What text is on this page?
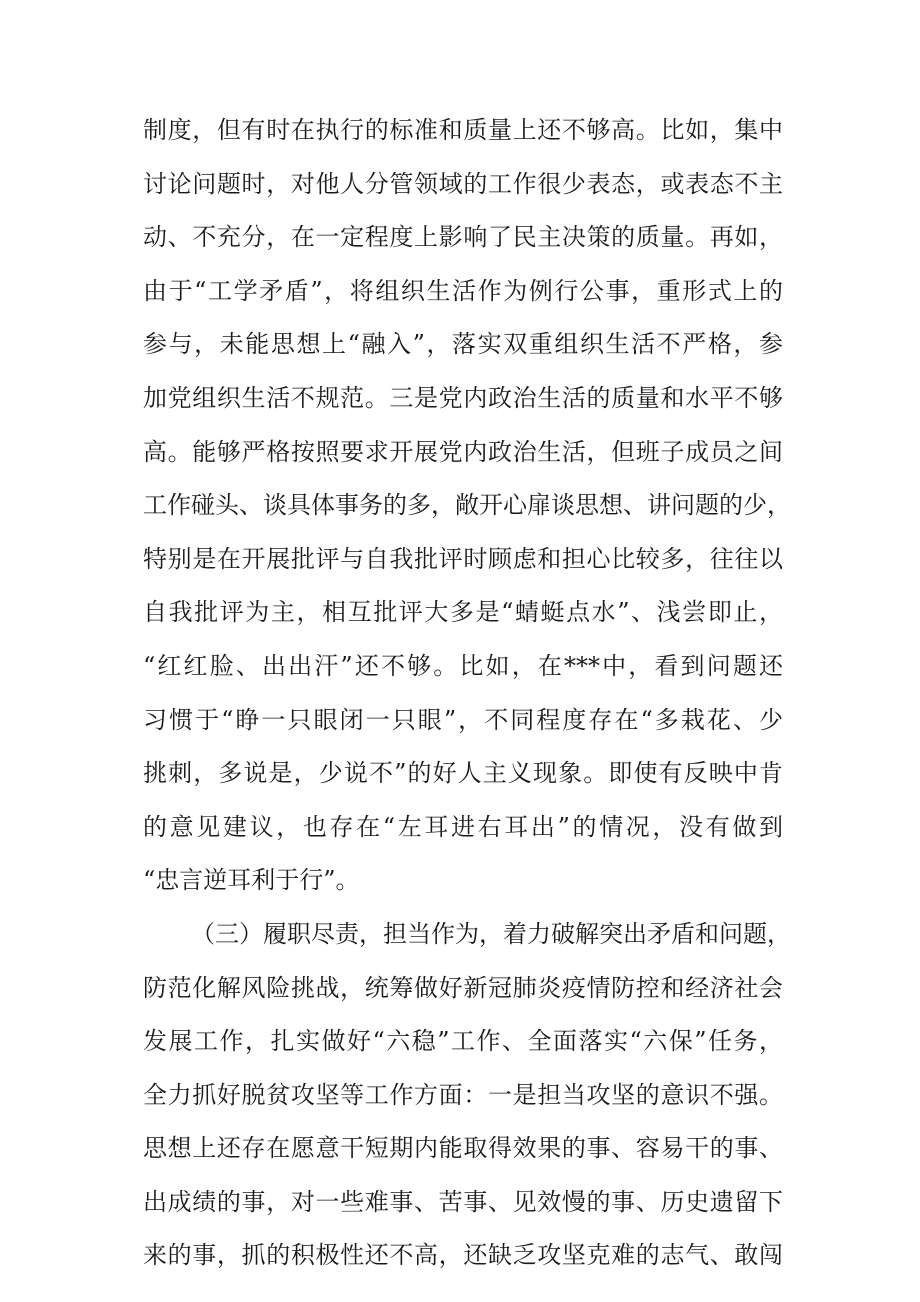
制度，但有时在执行的标准和质量上还不够高。比如，集中
讨论问题时，对他人分管领域的工作很少表态，或表态不主
动、不充分，在一定程度上影响了民主决策的质量。再如，
由于“工学矛盾”，将组织生活作为例行公事，重形式上的
参与，未能思想上“融入”，落实双重组织生活不严格，参
加党组织生活不规范。三是党内政治生活的质量和水平不够
高。能够严格按照要求开展党内政治生活，但班子成员之间
工作碰头、谈具体事务的多，敞开心扉谈思想、讲问题的少，
特别是在开展批评与自我批评时顾虑和担心比较多，往往以
自我批评为主，相互批评大多是“蜻蜓点水”、浅尝即止，
“红红脸、出出汗”还不够。比如，在***中，看到问题还
习惯于“睁一只眼闭一只眼”，不同程度存在“多栽花、少
挑刺，多说是，少说不”的好人主义现象。即使有反映中肯
的意见建议，也存在“左耳进右耳出”的情况，没有做到
“忠言逆耳利于行”。
（三）履职尽责，担当作为，着力破解突出矛盾和问题，
防范化解风险挑战，统筹做好新冠肺炎疫情防控和经济社会
发展工作，扎实做好“六稳”工作、全面落实“六保”任务，
全力抓好脱贫攻坚等工作方面：一是担当攻坚的意识不强。
思想上还存在愿意干短期内能取得效果的事、容易干的事、
出成绩的事，对一些难事、苦事、见效慢的事、历史遗留下
来的事，抓的积极性还不高，还缺乏攻坚克难的志气、敢闯
